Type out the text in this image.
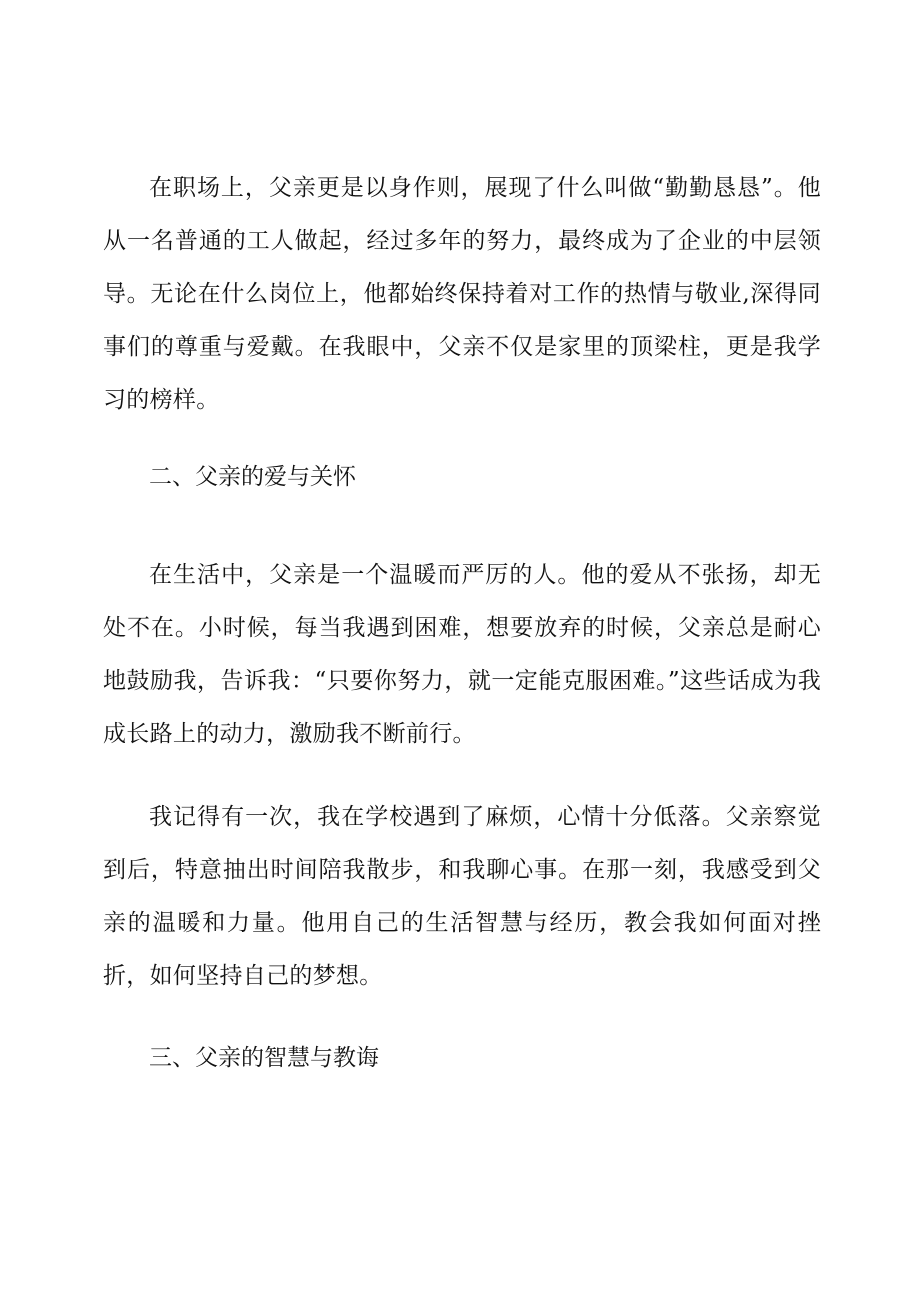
在职场上，父亲更是以身作则，展现了什么叫做“勤勤恳恳”。他从一名普通的工人做起，经过多年的努力，最终成为了企业的中层领导。无论在什么岗位上，他都始终保持着对工作的热情与敬业,深得同事们的尊重与爱戴。在我眼中，父亲不仅是家里的顶梁柱，更是我学习的榜样。

二、父亲的爱与关怀

在生活中，父亲是一个温暖而严厉的人。他的爱从不张扬，却无处不在。小时候，每当我遇到困难，想要放弃的时候，父亲总是耐心地鼓励我，告诉我：“只要你努力，就一定能克服困难。”这些话成为我成长路上的动力，激励我不断前行。

我记得有一次，我在学校遇到了麻烦，心情十分低落。父亲察觉到后，特意抽出时间陪我散步，和我聊心事。在那一刻，我感受到父亲的温暖和力量。他用自己的生活智慧与经历，教会我如何面对挫折，如何坚持自己的梦想。

三、父亲的智慧与教诲
